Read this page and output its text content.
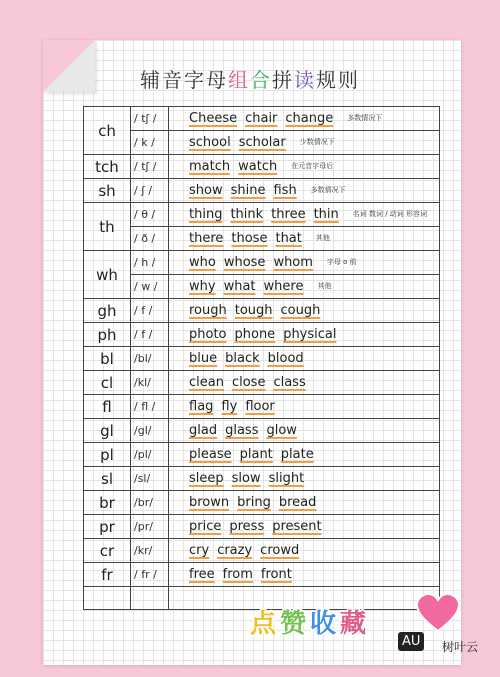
辅音字母组合拼读规则
ch	/ tʃ /	Cheese chair change 多数情况下
	/ k /	school scholar 少数情况下
tch	/ tʃ /	match watch 在元音字母后
sh	/ ʃ /	show shine fish 多数情况下
th	/ θ /	thing think three thin 名词 数词 / 动词 形容词
	/ ð /	there those that 其他
wh	/ h /	who whose whom 字母 o 前
	/ w /	why what where 其他
gh	/ f /	rough tough cough
ph	/ f /	photo phone physical
bl	/bl/	blue black blood
cl	/kl/	clean close class
fl	/ fl /	flag fly floor
gl	/gl/	glad glass glow
pl	/pl/	please plant plate
sl	/sl/	sleep slow slight
br	/br/	brown bring bread
pr	/pr/	price press present
cr	/kr/	cry crazy crowd
fr	/ fr /	free from front

点 赞 收 藏
AU	树叶云
